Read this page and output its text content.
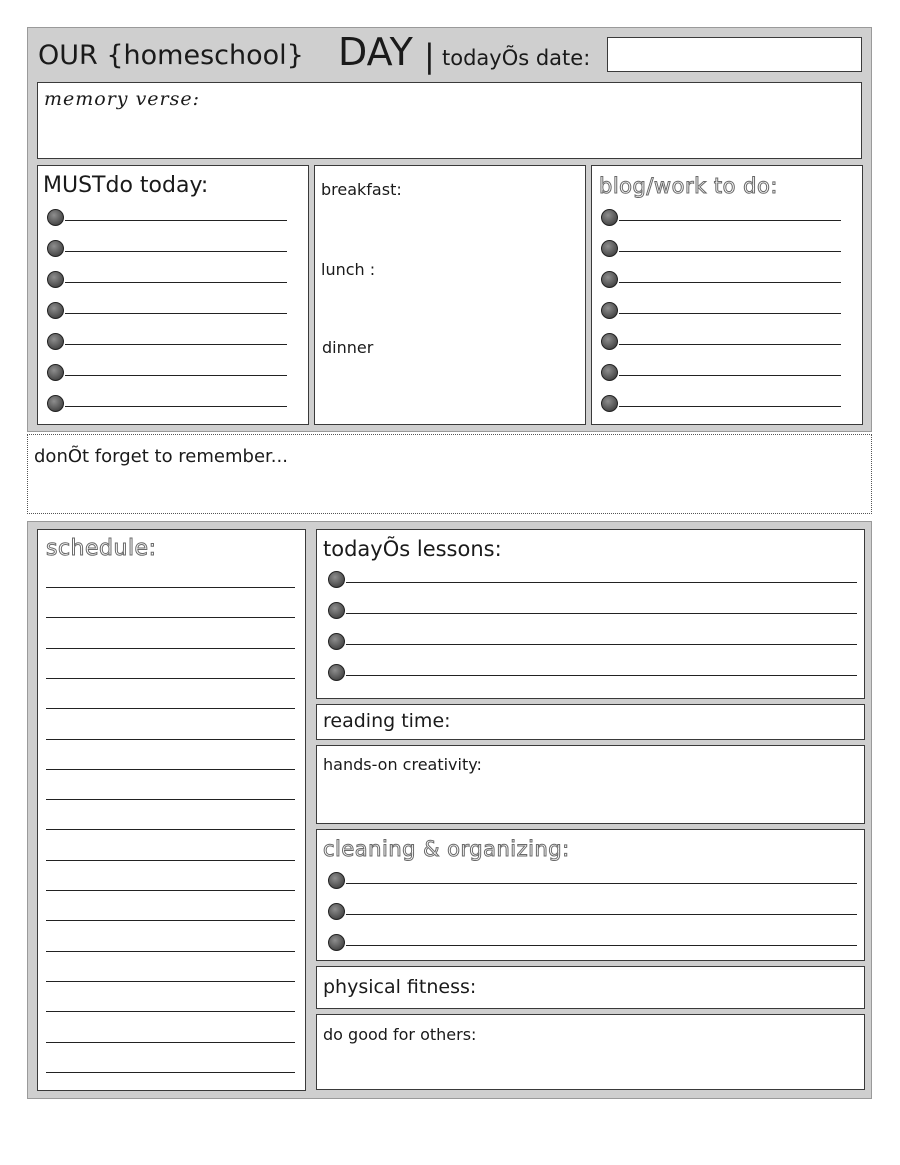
OUR {homeschool} DAY | todayÕs date:
memory verse:
MUSTdo today:	breakfast:
lunch :
dinner
blog/work to do:
donÕt forget to remember...
schedule:	todayÕs lessons:
reading time:
hands-on creativity:
cleaning & organizing:
physical fitness:
do good for others:
